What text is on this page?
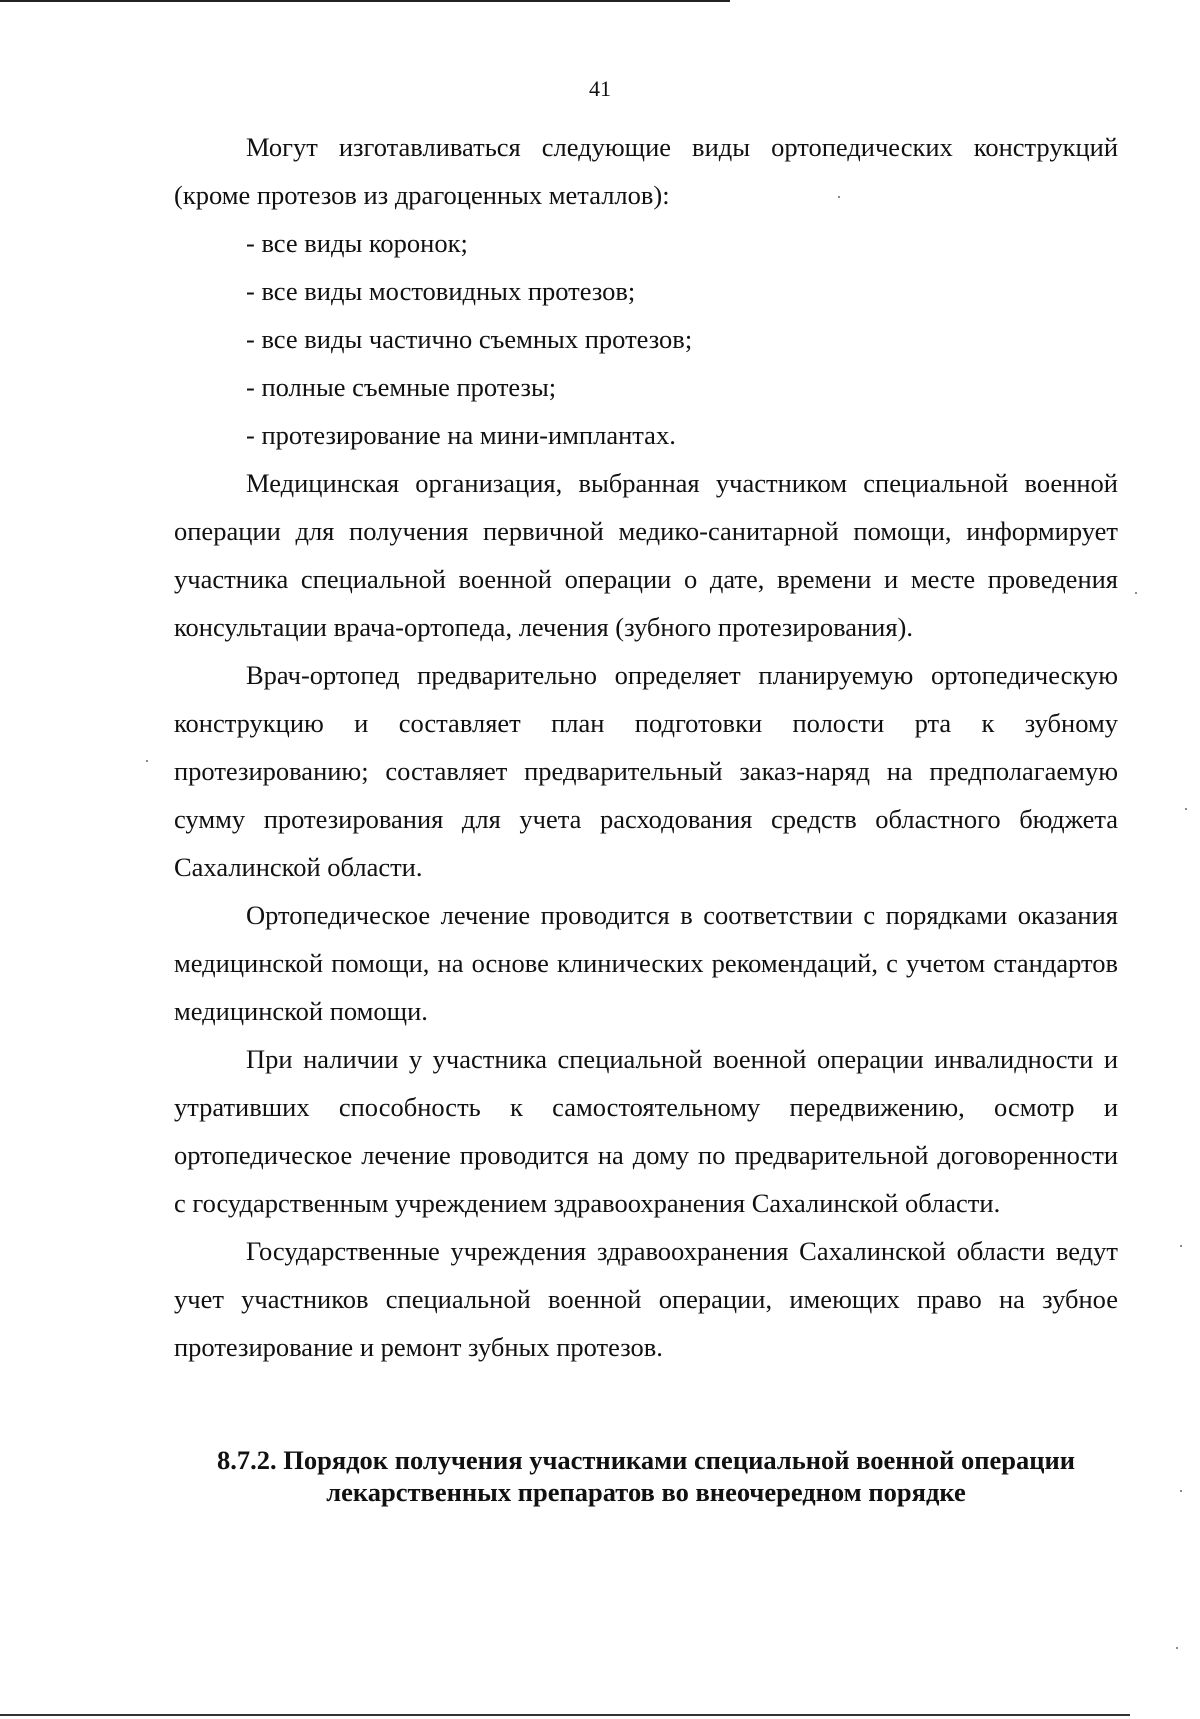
41

Могут изготавливаться следующие виды ортопедических конструкций (кроме протезов из драгоценных металлов):

- все виды коронок;

- все виды мостовидных протезов;

- все виды частично съемных протезов;

- полные съемные протезы;

- протезирование на мини-имплантах.

Медицинская организация, выбранная участником специальной военной операции для получения первичной медико-санитарной помощи, информирует участника специальной военной операции о дате, времени и месте проведения консультации врача-ортопеда, лечения (зубного протезирования).

Врач-ортопед предварительно определяет планируемую ортопедическую конструкцию и составляет план подготовки полости рта к зубному протезированию; составляет предварительный заказ-наряд на предполагаемую сумму протезирования для учета расходования средств областного бюджета Сахалинской области.

Ортопедическое лечение проводится в соответствии с порядками оказания медицинской помощи, на основе клинических рекомендаций, с учетом стандартов медицинской помощи.

При наличии у участника специальной военной операции инвалидности и утративших способность к самостоятельному передвижению, осмотр и ортопедическое лечение проводится на дому по предварительной договоренности с государственным учреждением здравоохранения Сахалинской области.

Государственные учреждения здравоохранения Сахалинской области ведут учет участников специальной военной операции, имеющих право на зубное протезирование и ремонт зубных протезов.

8.7.2. Порядок получения участниками специальной военной операции
лекарственных препаратов во внеочередном порядке
